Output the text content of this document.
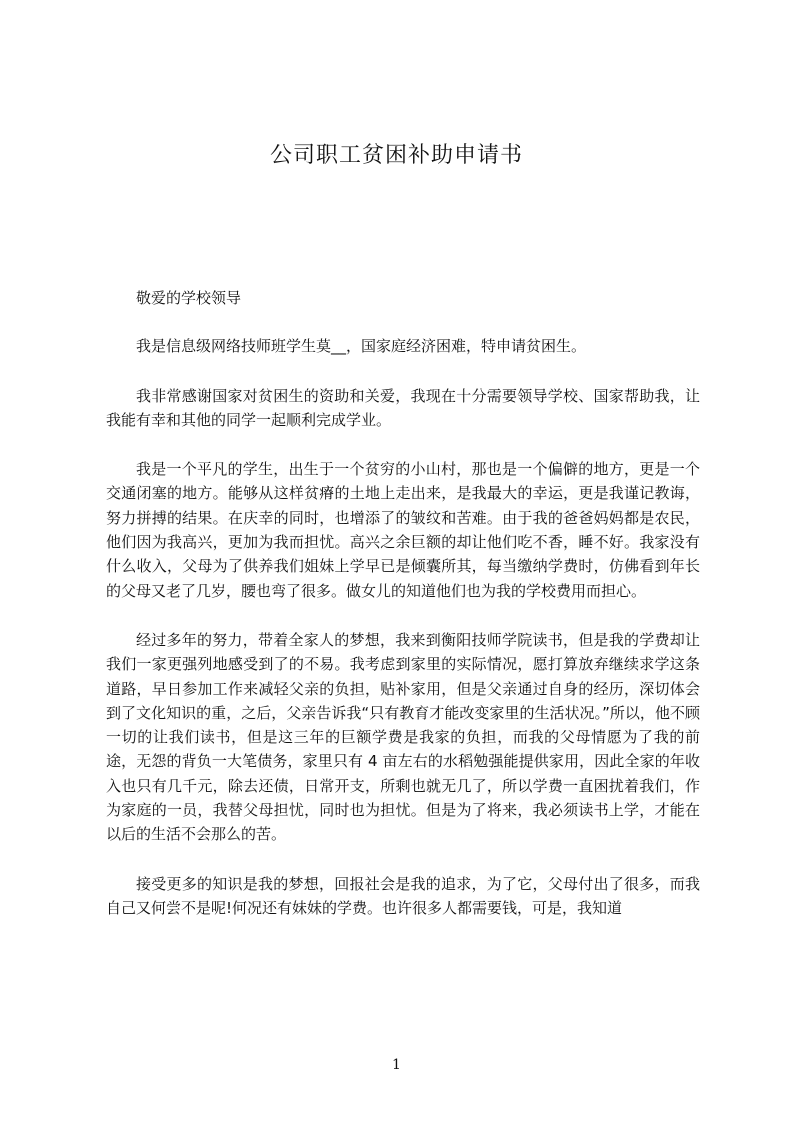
公司职工贫困补助申请书

敬爱的学校领导

我是信息级网络技师班学生莫__，国家庭经济困难，特申请贫困生。

我非常感谢国家对贫困生的资助和关爱，我现在十分需要领导学校、国家帮助我，让我能有幸和其他的同学一起顺利完成学业。

我是一个平凡的学生，出生于一个贫穷的小山村，那也是一个偏僻的地方，更是一个交通闭塞的地方。能够从这样贫瘠的土地上走出来，是我最大的幸运，更是我谨记教诲，努力拼搏的结果。在庆幸的同时，也增添了的皱纹和苦难。由于我的爸爸妈妈都是农民，他们因为我高兴，更加为我而担忧。高兴之余巨额的却让他们吃不香，睡不好。我家没有什么收入，父母为了供养我们姐妹上学早已是倾囊所其，每当缴纳学费时，仿佛看到年长的父母又老了几岁，腰也弯了很多。做女儿的知道他们也为我的学校费用而担心。

经过多年的努力，带着全家人的梦想，我来到衡阳技师学院读书，但是我的学费却让我们一家更强列地感受到了的不易。我考虑到家里的实际情况，愿打算放弃继续求学这条道路，早日参加工作来减轻父亲的负担，贴补家用，但是父亲通过自身的经历，深切体会到了文化知识的重，之后，父亲告诉我“只有教育才能改变家里的生活状况。”所以，他不顾一切的让我们读书，但是这三年的巨额学费是我家的负担，而我的父母情愿为了我的前途，无怨的背负一大笔债务，家里只有 4 亩左右的水稻勉强能提供家用，因此全家的年收入也只有几千元，除去还债，日常开支，所剩也就无几了，所以学费一直困扰着我们，作为家庭的一员，我替父母担忧，同时也为担忧。但是为了将来，我必须读书上学，才能在以后的生活不会那么的苦。

接受更多的知识是我的梦想，回报社会是我的追求，为了它，父母付出了很多，而我自己又何尝不是呢!何况还有妹妹的学费。也许很多人都需要钱，可是，我知道

1
